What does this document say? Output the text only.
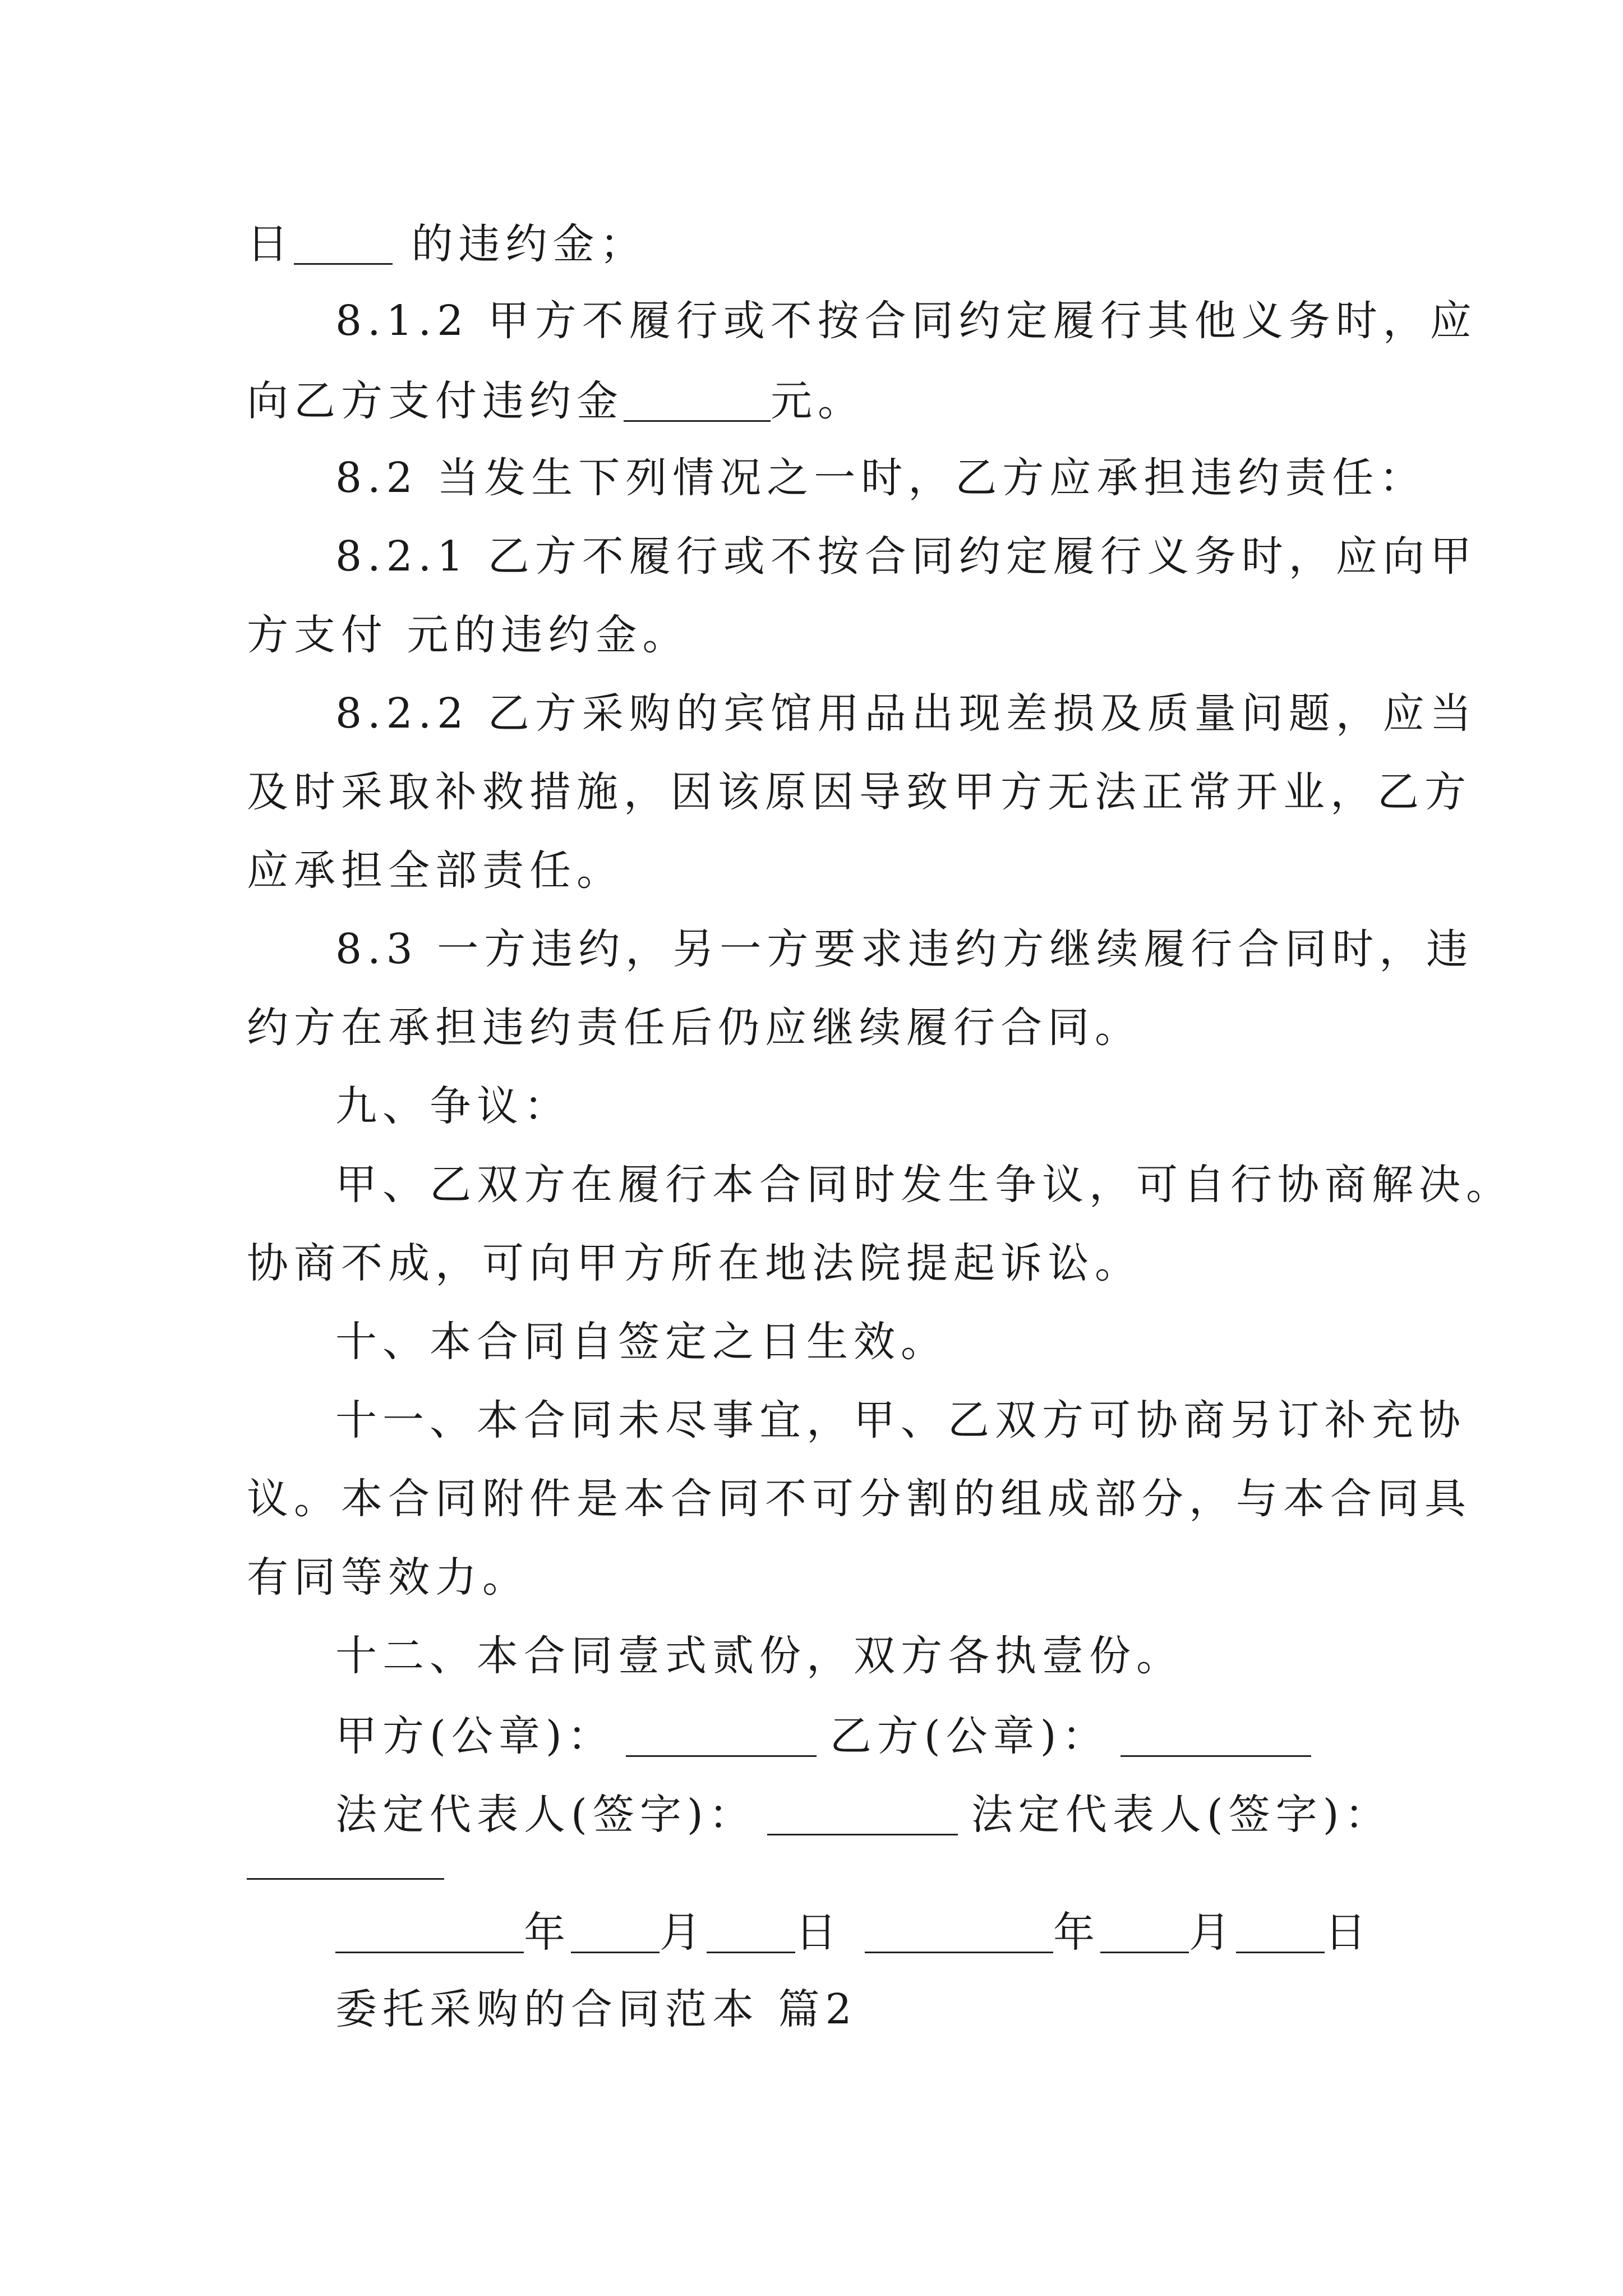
日 的违约金；
8.1.2 甲方不履行或不按合同约定履行其他义务时，应
向乙方支付违约金	元。
8.2 当发生下列情况之一时，乙方应承担违约责任：
8.2.1 乙方不履行或不按合同约定履行义务时，应向甲
方支付 元的违约金。
8.2.2 乙方采购的宾馆用品出现差损及质量问题，应当
及时采取补救措施，因该原因导致甲方无法正常开业，乙方
应承担全部责任。
8.3 一方违约，另一方要求违约方继续履行合同时，违
约方在承担违约责任后仍应继续履行合同。
九、争议：
甲、乙双方在履行本合同时发生争议，可自行协商解决。
协商不成，可向甲方所在地法院提起诉讼。
十、本合同自签定之日生效。
十一、本合同未尽事宜，甲、乙双方可协商另订补充协
议。本合同附件是本合同不可分割的组成部分，与本合同具
有同等效力。
十二、本合同壹式贰份，双方各执壹份。
甲方(公章)：	乙方(公章)：
法定代表人(签字)：	法定代表人(签字)：
年 月 日	年 月 日
委托采购的合同范本 篇2
